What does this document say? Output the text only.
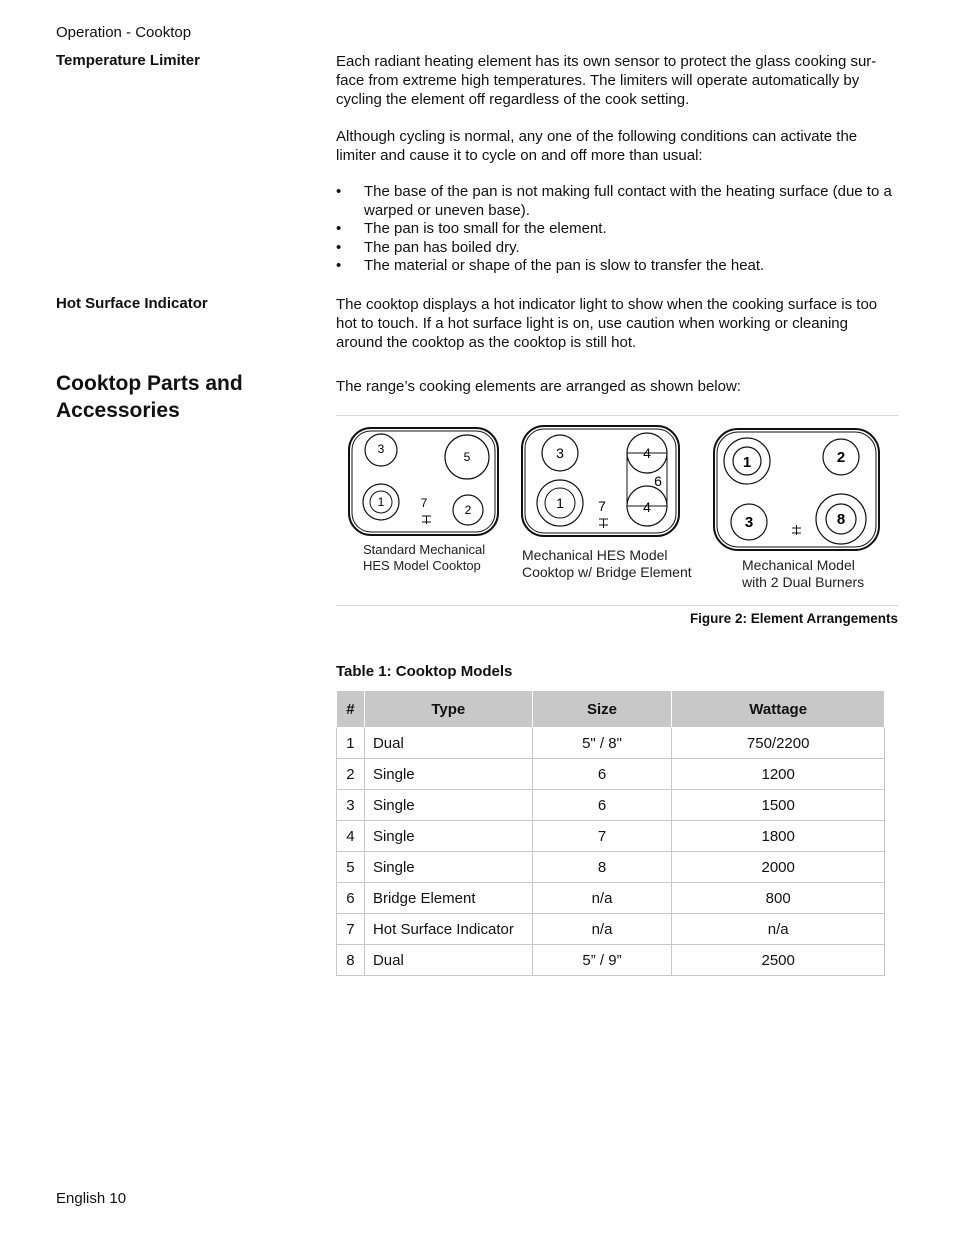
Operation - Cooktop
Temperature Limiter	Each radiant heating element has its own sensor to protect the glass cooking sur-
face from extreme high temperatures. The limiters will operate automatically by
cycling the element off regardless of the cook setting.
Although cycling is normal, any one of the following conditions can activate the
limiter and cause it to cycle on and off more than usual:
• The base of the pan is not making full contact with the heating surface (due to a warped or uneven base).
• The pan is too small for the element.
• The pan has boiled dry.
• The material or shape of the pan is slow to transfer the heat.
Hot Surface Indicator	The cooktop displays a hot indicator light to show when the cooking surface is too
hot to touch. If a hot surface light is on, use caution when working or cleaning
around the cooktop as the cooktop is still hot.
Cooktop Parts and
Accessories
The range’s cooking elements are arranged as shown below:
3
5
1	7	2
3	4
6
1 7	4
1	2
3	8
Standard Mechanical
HES Model Cooktop
Mechanical HES Model
Cooktop w/ Bridge Element	Mechanical Model
with 2 Dual Burners
Figure 2: Element Arrangements
Table 1: Cooktop Models
#	Type	Size	Wattage
1	Dual	5" / 8"	750/2200
2	Single	6	1200
3	Single	6	1500
4	Single	7	1800
5	Single	8	2000
6	Bridge Element	n/a	800
7	Hot Surface Indicator	n/a	n/a
8	Dual	5” / 9”	2500
English 10
